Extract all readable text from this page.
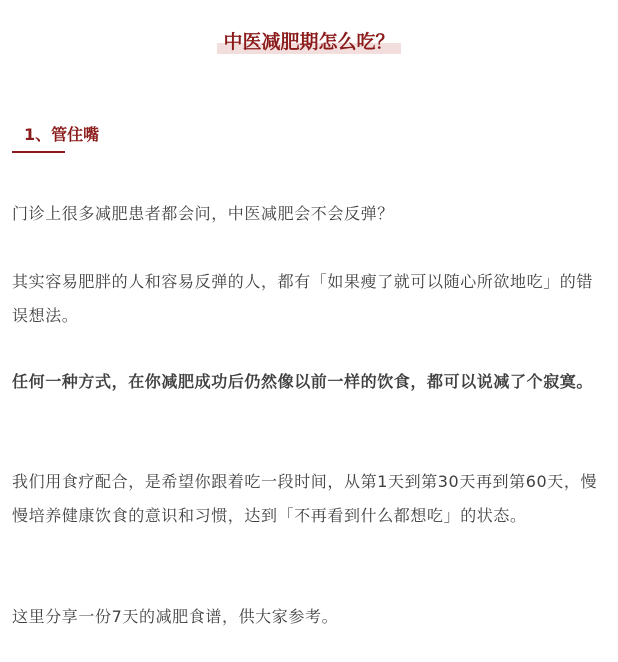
中医减肥期怎么吃？
1、管住嘴

门诊上很多减肥患者都会问，中医减肥会不会反弹？

其实容易肥胖的人和容易反弹的人，都有「如果瘦了就可以随心所欲地吃」的错误想法。

任何一种方式，在你减肥成功后仍然像以前一样的饮食，都可以说减了个寂寞。

我们用食疗配合，是希望你跟着吃一段时间，从第1天到第30天再到第60天，慢慢培养健康饮食的意识和习惯，达到「不再看到什么都想吃」的状态。

这里分享一份7天的减肥食谱，供大家参考。
